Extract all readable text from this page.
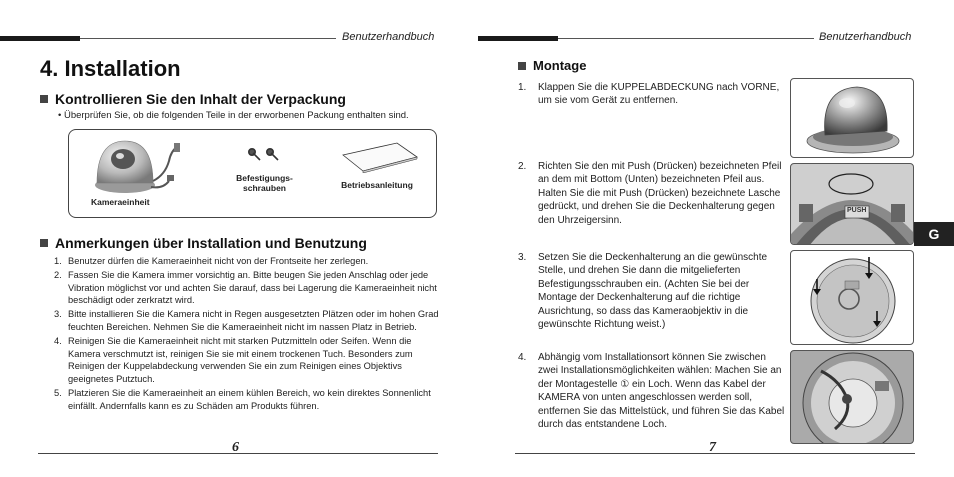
Benutzerhandbuch
4. Installation
Kontrollieren Sie den Inhalt der Verpackung
• Überprüfen Sie, ob die folgenden Teile in der erworbenen Packung enthalten sind.
Kameraeinheit
Befestigungs-
schrauben	Betriebsanleitung
Anmerkungen über Installation und Benutzung
1. Benutzer dürfen die Kameraeinheit nicht von der Frontseite her zerlegen.
2. Fassen Sie die Kamera immer vorsichtig an. Bitte beugen Sie jeden Anschlag oder jede Vibration möglichst vor und achten Sie darauf, dass bei Lagerung die Kameraeinheit nicht beschädigt oder zerkratzt wird.
3. Bitte installieren Sie die Kamera nicht in Regen ausgesetzten Plätzen oder im hohen Grad feuchten Bereichen. Nehmen Sie die Kameraeinheit nicht im nassen Platz in Betrieb.
4. Reinigen Sie die Kameraeinheit nicht mit starken Putzmitteln oder Seifen. Wenn die Kamera verschmutzt ist, reinigen Sie sie mit einem trockenen Tuch. Besonders zum Reinigen der Kuppelabdeckung verwenden Sie ein zum Reinigen eines Objektivs geeignetes Putztuch.
5. Platzieren Sie die Kameraeinheit an einem kühlen Bereich, wo kein direktes Sonnenlicht einfällt. Andernfalls kann es zu Schäden am Produkts führen.
6
Benutzerhandbuch
Montage
1.	Klappen Sie die KUPPELABDECKUNG nach VORNE, um sie vom Gerät zu entfernen.
2.	Richten Sie den mit Push (Drücken) bezeichneten Pfeil an dem mit Bottom (Unten) bezeichneten Pfeil aus. Halten Sie die mit Push (Drücken) bezeichnete Lasche gedrückt, und drehen Sie die Deckenhalterung gegen den Uhrzeigersinn.
3.	Setzen Sie die Deckenhalterung an die gewünschte Stelle, und drehen Sie dann die mitgelieferten Befestigungsschrauben ein. (Achten Sie bei der Montage der Deckenhalterung auf die richtige Ausrichtung, so dass das Kameraobjektiv in die gewünschte Richtung weist.)
4.	Abhängig vom Installationsort können Sie zwischen zwei Installationsmöglichkeiten wählen: Machen Sie an der Montagestelle ① ein Loch. Wenn das Kabel der KAMERA von unten angeschlossen werden soll, entfernen Sie das Mittelstück, und führen Sie das Kabel durch das entstandene Loch.
PUSH
7
G
